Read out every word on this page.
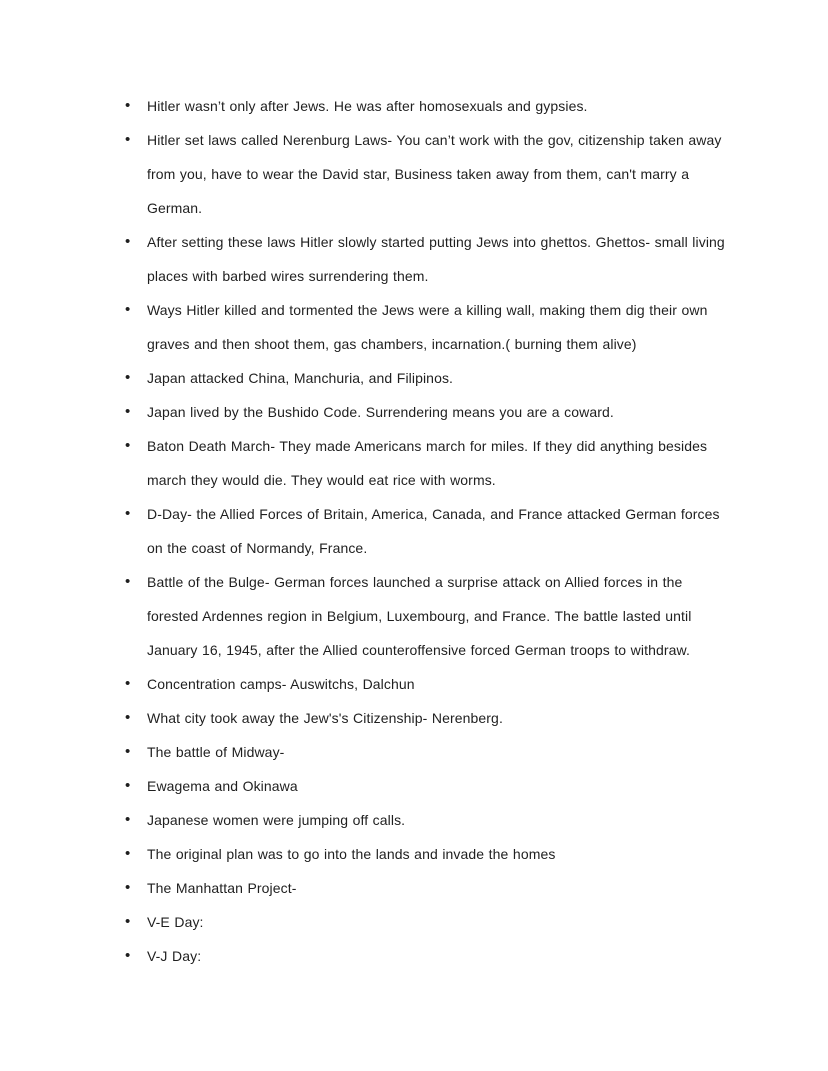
• Hitler wasn’t only after Jews. He was after homosexuals and gypsies.
• Hitler set laws called Nerenburg Laws- You can’t work with the gov, citizenship taken away from you, have to wear the David star, Business taken away from them, can't marry a German.
• After setting these laws Hitler slowly started putting Jews into ghettos. Ghettos- small living places with barbed wires surrendering them.
• Ways Hitler killed and tormented the Jews were a killing wall, making them dig their own graves and then shoot them, gas chambers, incarnation.( burning them alive)
• Japan attacked China, Manchuria, and Filipinos.
• Japan lived by the Bushido Code. Surrendering means you are a coward.
• Baton Death March- They made Americans march for miles. If they did anything besides march they would die. They would eat rice with worms.
• D-Day- the Allied Forces of Britain, America, Canada, and France attacked German forces on the coast of Normandy, France.
• Battle of the Bulge- German forces launched a surprise attack on Allied forces in the forested Ardennes region in Belgium, Luxembourg, and France. The battle lasted until January 16, 1945, after the Allied counteroffensive forced German troops to withdraw.
• Concentration camps- Auswitchs, Dalchun
• What city took away the Jew's's Citizenship- Nerenberg.
• The battle of Midway-
• Ewagema and Okinawa
• Japanese women were jumping off calls.
• The original plan was to go into the lands and invade the homes
• The Manhattan Project-
• V-E Day:
• V-J Day:
